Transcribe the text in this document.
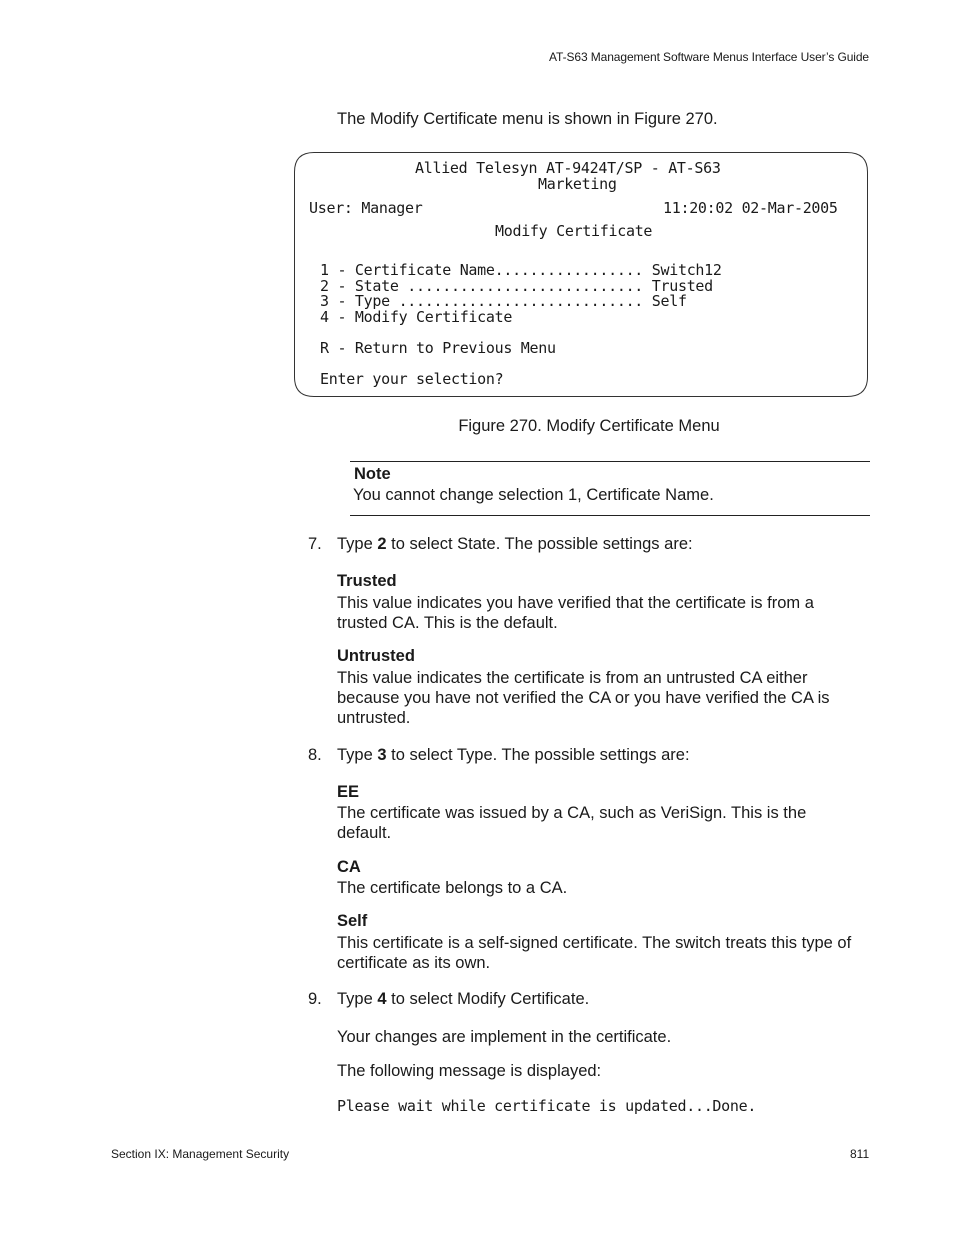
AT-S63 Management Software Menus Interface User’s Guide
The Modify Certificate menu is shown in Figure 270.
Allied Telesyn AT-9424T/SP - AT-S63
Marketing
User: Manager	11:20:02 02-Mar-2005
Modify Certificate
1 - Certificate Name................. Switch12
2 - State ........................... Trusted
3 - Type ............................ Self
4 - Modify Certificate
R - Return to Previous Menu
Enter your selection?
Figure 270. Modify Certificate Menu
Note
You cannot change selection 1, Certificate Name.
7. Type 2 to select State. The possible settings are:
Trusted
This value indicates you have verified that the certificate is from a
trusted CA. This is the default.
Untrusted
This value indicates the certificate is from an untrusted CA either
because you have not verified the CA or you have verified the CA is
untrusted.
8. Type 3 to select Type. The possible settings are:
EE
The certificate was issued by a CA, such as VeriSign. This is the
default.
CA
The certificate belongs to a CA.
Self
This certificate is a self-signed certificate. The switch treats this type of
certificate as its own.
9. Type 4 to select Modify Certificate.
Your changes are implement in the certificate.
The following message is displayed:
Please wait while certificate is updated...Done.
Section IX: Management Security	811
